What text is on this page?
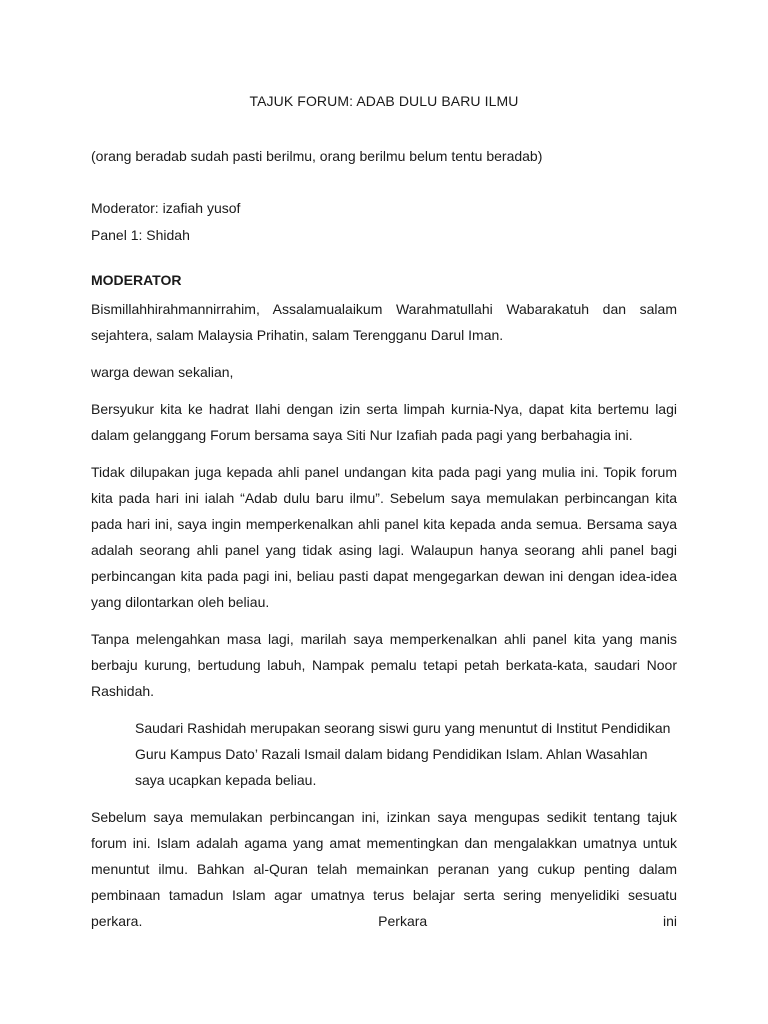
TAJUK FORUM: ADAB DULU BARU ILMU

(orang beradab sudah pasti berilmu, orang berilmu belum tentu beradab)

Moderator: izafiah yusof

Panel 1: Shidah

MODERATOR

Bismillahhirahmannirrahim, Assalamualaikum Warahmatullahi Wabarakatuh dan salam sejahtera, salam Malaysia Prihatin, salam Terengganu Darul Iman.

warga dewan sekalian,

Bersyukur kita ke hadrat Ilahi dengan izin serta limpah kurnia-Nya, dapat kita bertemu lagi dalam gelanggang Forum bersama saya Siti Nur Izafiah pada pagi yang berbahagia ini.

Tidak dilupakan juga kepada ahli panel undangan kita pada pagi yang mulia ini. Topik forum kita pada hari ini ialah “Adab dulu baru ilmu”. Sebelum saya memulakan perbincangan kita pada hari ini, saya ingin memperkenalkan ahli panel kita kepada anda semua. Bersama saya adalah seorang ahli panel yang tidak asing lagi. Walaupun hanya seorang ahli panel bagi perbincangan kita pada pagi ini, beliau pasti dapat mengegarkan dewan ini dengan idea-idea yang dilontarkan oleh beliau.

Tanpa melengahkan masa lagi, marilah saya memperkenalkan ahli panel kita yang manis berbaju kurung, bertudung labuh, Nampak pemalu tetapi petah berkata-kata, saudari Noor Rashidah.

Saudari Rashidah merupakan seorang siswi guru yang menuntut di Institut Pendidikan Guru Kampus Dato’ Razali Ismail dalam bidang Pendidikan Islam. Ahlan Wasahlan saya ucapkan kepada beliau.

Sebelum saya memulakan perbincangan ini, izinkan saya mengupas sedikit tentang tajuk forum ini. Islam adalah agama yang amat mementingkan dan mengalakkan umatnya untuk menuntut ilmu. Bahkan al-Quran telah memainkan peranan yang cukup penting dalam pembinaan tamadun Islam agar umatnya terus belajar serta sering menyelidiki sesuatu perkara. Perkara ini
